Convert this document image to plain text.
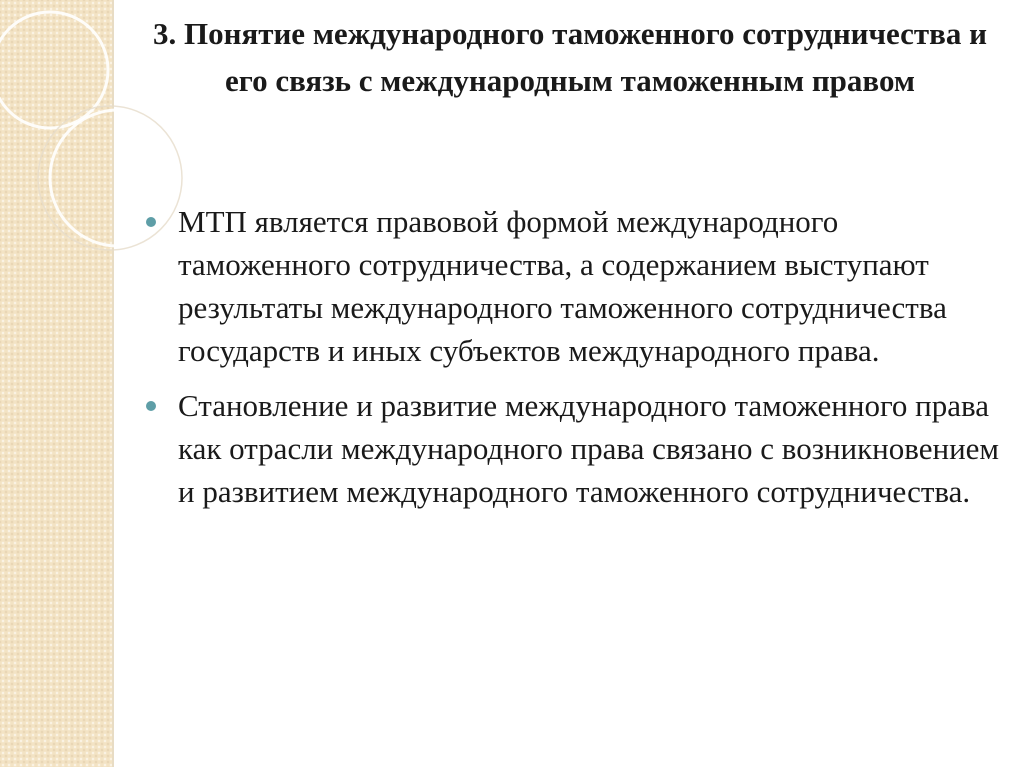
3. Понятие международного таможенного сотрудничества и его связь с международным таможенным правом
МТП является правовой формой международного таможенного сотрудничества, а содержанием выступают результаты международного таможенного сотрудничества государств и иных субъектов международного права.
Становление и развитие международного таможенного права как отрасли международного права связано с возникновением и развитием международного таможенного сотрудничества.
